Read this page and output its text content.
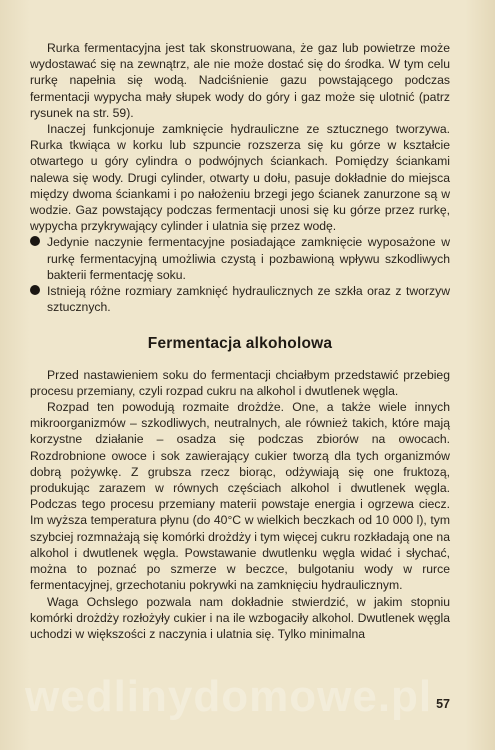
Rurka fermentacyjna jest tak skonstruowana, że gaz lub powietrze może wydostawać się na zewnątrz, ale nie może dostać się do środka. W tym celu rurkę napełnia się wodą. Nadciśnienie gazu powstającego podczas fermentacji wypycha mały słupek wody do góry i gaz może się ulotnić (patrz rysunek na str. 59).

Inaczej funkcjonuje zamknięcie hydrauliczne ze sztucznego tworzywa. Rurka tkwiąca w korku lub szpuncie rozszerza się ku górze w kształcie otwartego u góry cylindra o podwójnych ściankach. Pomiędzy ściankami nalewa się wody. Drugi cylinder, otwarty u dołu, pasuje dokładnie do miejsca między dwoma ściankami i po nałożeniu brzegi jego ścianek zanurzone są w wodzie. Gaz powstający podczas fermentacji unosi się ku górze przez rurkę, wypycha przykrywający cylinder i ulatnia się przez wodę.

Jedynie naczynie fermentacyjne posiadające zamknięcie wyposażone w rurkę fermentacyjną umożliwia czystą i pozbawioną wpływu szkodliwych bakterii fermentację soku.
Istnieją różne rozmiary zamknięć hydraulicznych ze szkła oraz z tworzyw sztucznych.
Fermentacja alkoholowa

Przed nastawieniem soku do fermentacji chciałbym przedstawić przebieg procesu przemiany, czyli rozpad cukru na alkohol i dwutlenek węgla.

Rozpad ten powodują rozmaite drożdże. One, a także wiele innych mikroorganizmów – szkodliwych, neutralnych, ale również takich, które mają korzystne działanie – osadza się podczas zbiorów na owocach. Rozdrobnione owoce i sok zawierający cukier tworzą dla tych organizmów dobrą pożywkę. Z grubsza rzecz biorąc, odżywiają się one fruktozą, produkując zarazem w równych częściach alkohol i dwutlenek węgla. Podczas tego procesu przemiany materii powstaje energia i ogrzewa ciecz. Im wyższa temperatura płynu (do 40°C w wielkich beczkach od 10 000 l), tym szybciej rozmnażają się komórki drożdży i tym więcej cukru rozkładają one na alkohol i dwutlenek węgla. Powstawanie dwutlenku węgla widać i słychać, można to poznać po szmerze w beczce, bulgotaniu wody w rurce fermentacyjnej, grzechotaniu pokrywki na zamknięciu hydraulicznym.

Waga Ochslego pozwala nam dokładnie stwierdzić, w jakim stopniu komórki drożdży rozłożyły cukier i na ile wzbogaciły alkohol. Dwutlenek węgla uchodzi w większości z naczynia i ulatnia się. Tylko minimalna

wedlinydomowe.pl 57
